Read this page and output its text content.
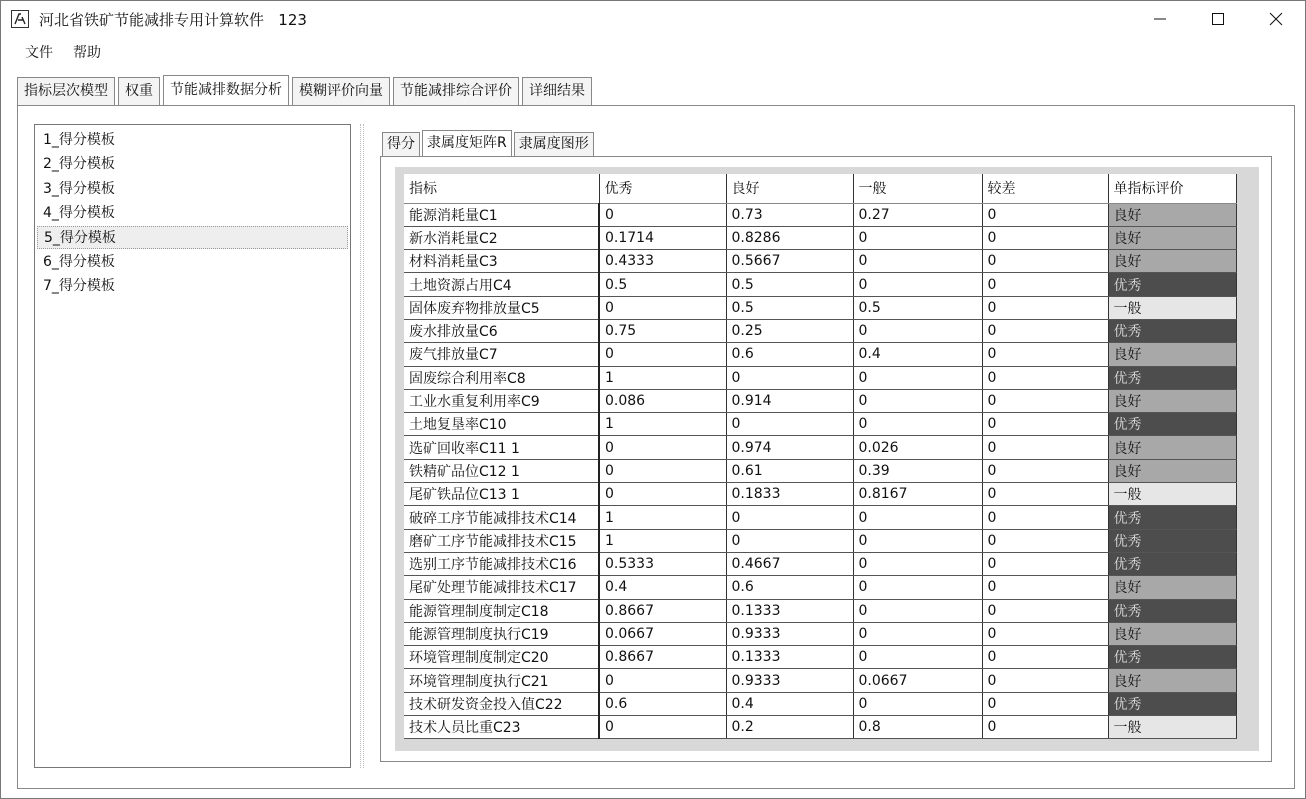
河北省铁矿节能减排专用计算软件   123
文件 帮助
指标层次模型	权重	节能减排数据分析	模糊评价向量	节能减排综合评价	详细结果
1_得分模板
2_得分模板
3_得分模板
4_得分模板
5_得分模板
6_得分模板
7_得分模板
得分 隶属度矩阵R 隶属度图形
指标	优秀	良好	一般	较差	单指标评价
能源消耗量C1	0	0.73	0.27	0	良好
新水消耗量C2	0.1714	0.8286	0	0	良好
材料消耗量C3	0.4333	0.5667	0	0	良好
土地资源占用C4	0.5	0.5	0	0	优秀
固体废弃物排放量C5	0	0.5	0.5	0	一般
废水排放量C6	0.75	0.25	0	0	优秀
废气排放量C7	0	0.6	0.4	0	良好
固废综合利用率C8	1	0	0	0	优秀
工业水重复利用率C9	0.086	0.914	0	0	良好
土地复垦率C10	1	0	0	0	优秀
选矿回收率C11 1	0	0.974	0.026	0	良好
铁精矿品位C12 1	0	0.61	0.39	0	良好
尾矿铁品位C13 1	0	0.1833	0.8167	0	一般
破碎工序节能减排技术C14	1	0	0	0	优秀
磨矿工序节能减排技术C15	1	0	0	0	优秀
选别工序节能减排技术C16	0.5333	0.4667	0	0	优秀
尾矿处理节能减排技术C17	0.4	0.6	0	0	良好
能源管理制度制定C18	0.8667	0.1333	0	0	优秀
能源管理制度执行C19	0.0667	0.9333	0	0	良好
环境管理制度制定C20	0.8667	0.1333	0	0	优秀
环境管理制度执行C21	0	0.9333	0.0667	0	良好
技术研发资金投入值C22	0.6	0.4	0	0	优秀
技术人员比重C23	0	0.2	0.8	0	一般
